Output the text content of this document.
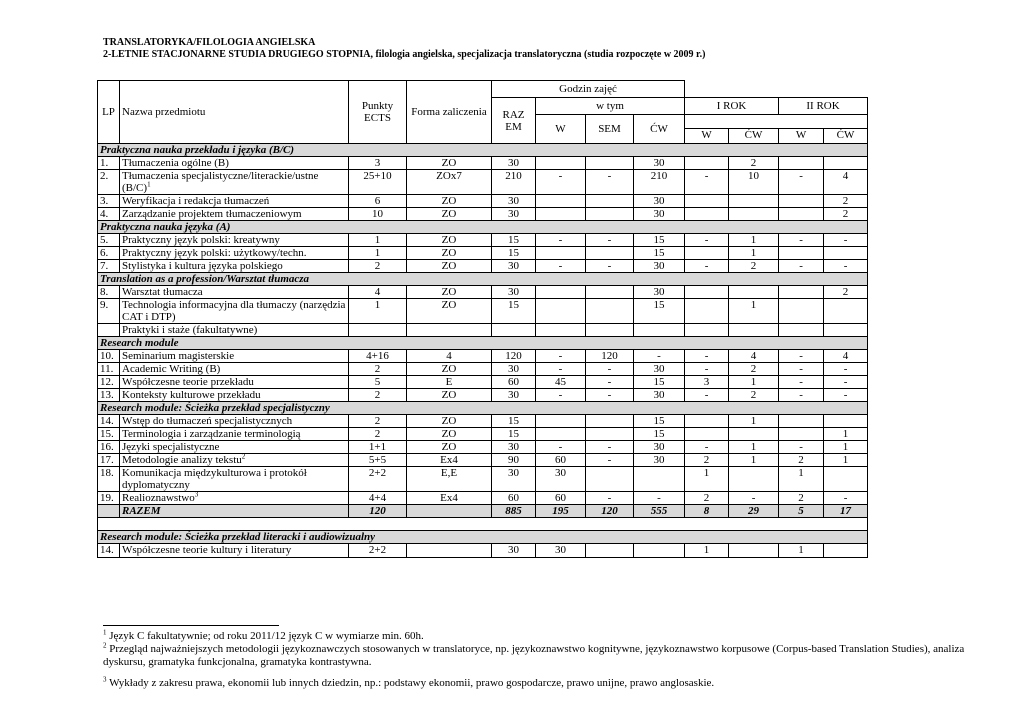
TRANSLATORYKA/FILOLOGIA ANGIELSKA
2-LETNIE STACJONARNE STUDIA DRUGIEGO STOPNIA, filologia angielska, specjalizacja translatoryczna (studia rozpoczęte w 2009 r.)
LP	Nazwa przedmiotu	Punkty ECTS	Forma zaliczenia	Godzin zajęć							
				RAZ EM	w tym			I ROK		II ROK	
					W	SEM	ĆW				
								W	ĆW	W	ĆW
Praktyczna nauka przekładu i języka (B/C)											
1.	Tłumaczenia ogólne (B)	3	ZO	30			30		2		
2.	Tłumaczenia specjalistyczne/literackie/ustne $(B/C)^1$	25+10	ZOx7	210	-	-	210	-	10	-	4
3.	Weryfikacja i redakcja tłumaczeń	6	ZO	30			30				2
4.	Zarządzanie projektem tłumaczeniowym	10	ZO	30			30				2
Praktyczna nauka języka (A)											
5.	Praktyczny język polski: kreatywny	1	ZO	15	-	-	15	-	1	-	-
6.	Praktyczny język polski: użytkowy/techn.	1	ZO	15			15		1		
7.	Stylistyka i kultura języka polskiego	2	ZO	30	-	-	30	-	2	-	-
Translation as a profession/Warsztat tłumacza											
8.	Warsztat tłumacza	4	ZO	30			30				2
9.	Technologia informacyjna dla tłumaczy (narzędzia CAT i DTP)	1	ZO	15			15		1		
	Praktyki i staże (fakultatywne)										
Research module											
10.	Seminarium magisterskie	4+16	4	120	-	120	-	-	4	-	4
11.	Academic Writing (B)	2	ZO	30	-	-	30	-	2	-	-
12.	Współczesne teorie przekładu	5	E	60	45	-	15	3	1	-	-
13.	Konteksty kulturowe przekładu	2	ZO	30	-	-	30	-	2	-	-
Research module: Ścieżka przekład specjalistyczny											
14.	Wstęp do tłumaczeń specjalistycznych	2	ZO	15			15		1		
15.	Terminologia i zarządzanie terminologią	2	ZO	15			15				1
16.	Języki specjalistyczne	1+1	ZO	30	-	-	30	-	1	-	1
17.	Metodologie analizy tekstu$^2$	5+5	Ex4	90	60	-	30	2	1	2	1
18.	Komunikacja międzykulturowa i protokół dyplomatyczny	2+2	E,E	30	30			1		1	
19.	Realioznawstwo$^3$	4+4	Ex4	60	60	-	-	2	-	2	-
	RAZEM	120		885	195	120	555	8	29	5	17

Research module: Ścieżka przekład literacki i audiowizualny											
14.	Współczesne teorie kultury i literatury	2+2		30	30			1		1	
$^1$ Język C fakultatywnie; od roku 2011/12 język C w wymiarze min. 60h.
$^2$ Przegląd najważniejszych metodologii językoznawczych stosowanych w translatoryce, np. językoznawstwo kognitywne, językoznawstwo korpusowe (Corpus-based Translation Studies), analiza dyskursu, gramatyka funkcjonalna, gramatyka kontrastywna.
$^3$ Wykłady z zakresu prawa, ekonomii lub innych dziedzin, np.: podstawy ekonomii, prawo gospodarcze, prawo unijne, prawo anglosaskie.
